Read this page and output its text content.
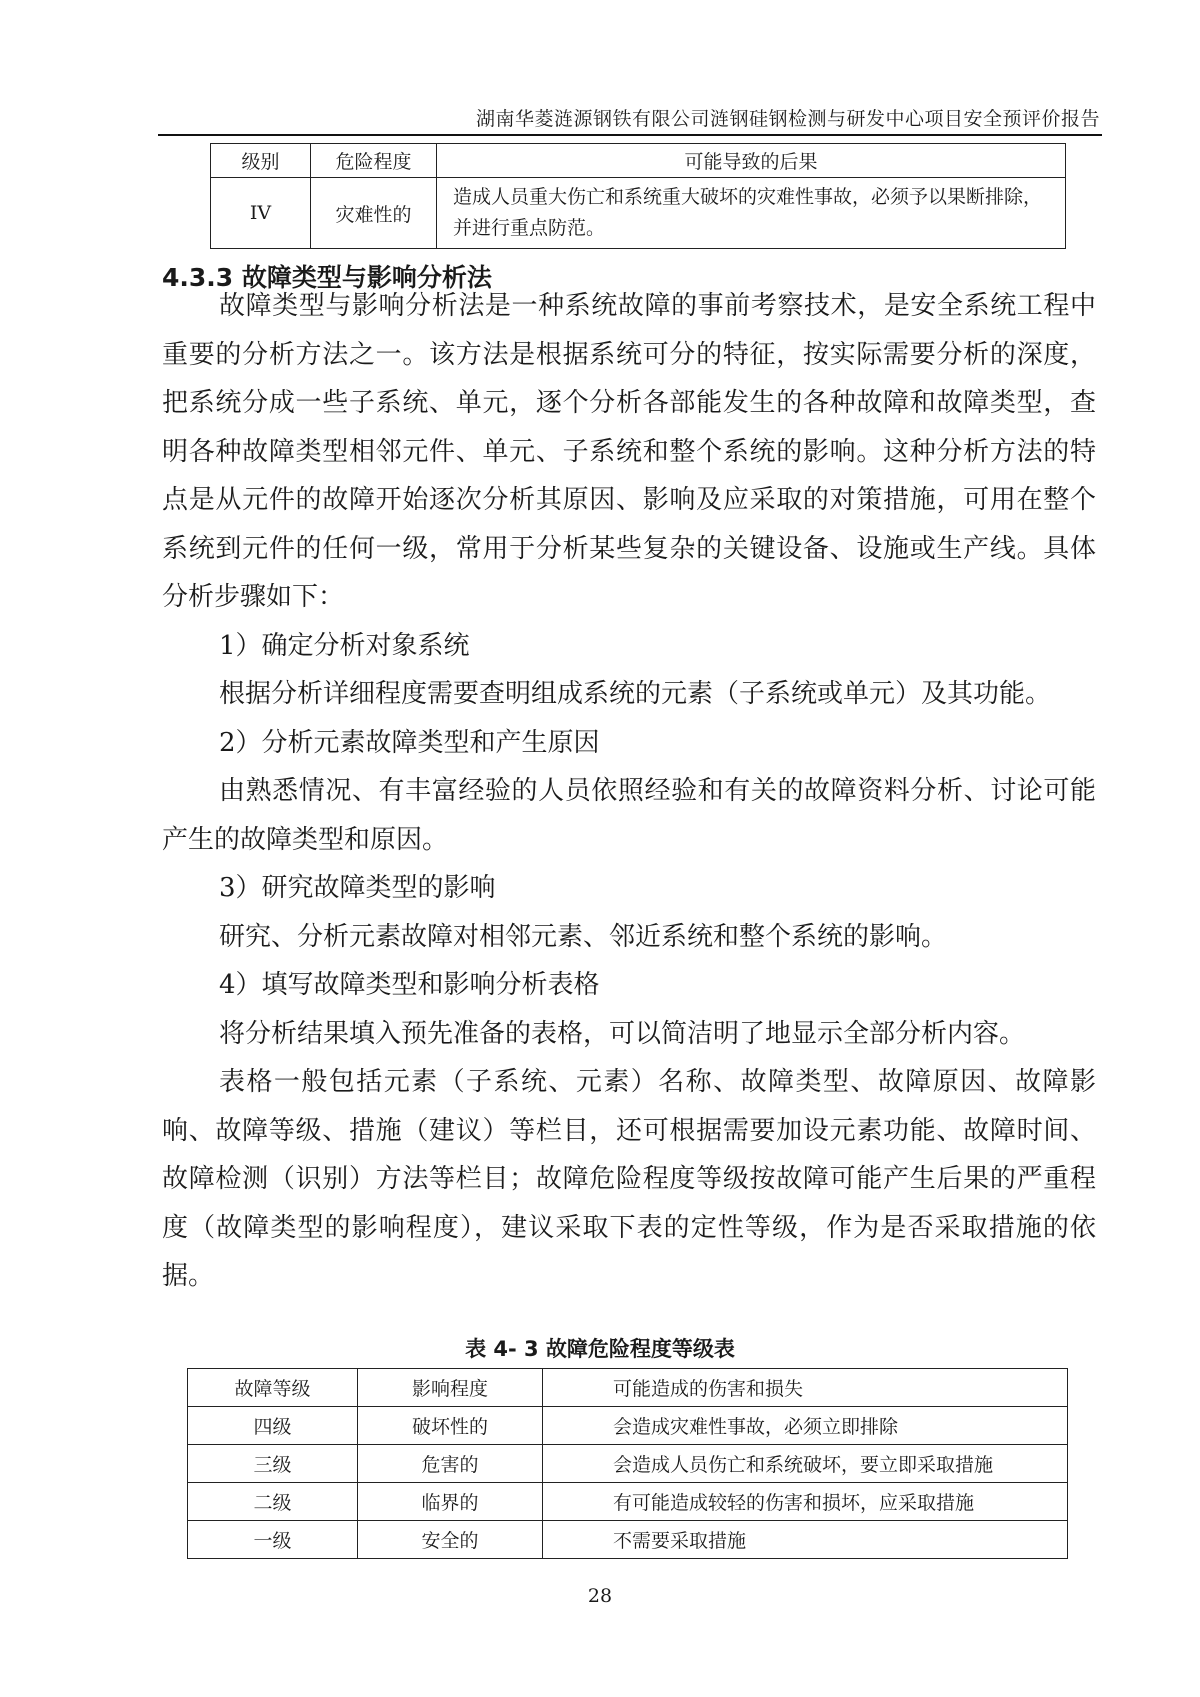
湖南华菱涟源钢铁有限公司涟钢硅钢检测与研发中心项目安全预评价报告
级别	危险程度	可能导致的后果
IV	灾难性的	造成人员重大伤亡和系统重大破坏的灾难性事故，必须予以果断排除，并进行重点防范。
4.3.3 故障类型与影响分析法

故障类型与影响分析法是一种系统故障的事前考察技术，是安全系统工程中重要的分析方法之一。该方法是根据系统可分的特征，按实际需要分析的深度，把系统分成一些子系统、单元，逐个分析各部能发生的各种故障和故障类型，查明各种故障类型相邻元件、单元、子系统和整个系统的影响。这种分析方法的特点是从元件的故障开始逐次分析其原因、影响及应采取的对策措施，可用在整个系统到元件的任何一级，常用于分析某些复杂的关键设备、设施或生产线。具体分析步骤如下：

1）确定分析对象系统

根据分析详细程度需要查明组成系统的元素（子系统或单元）及其功能。

2）分析元素故障类型和产生原因

由熟悉情况、有丰富经验的人员依照经验和有关的故障资料分析、讨论可能产生的故障类型和原因。

3）研究故障类型的影响

研究、分析元素故障对相邻元素、邻近系统和整个系统的影响。

4）填写故障类型和影响分析表格

将分析结果填入预先准备的表格，可以简洁明了地显示全部分析内容。

表格一般包括元素（子系统、元素）名称、故障类型、故障原因、故障影响、故障等级、措施（建议）等栏目，还可根据需要加设元素功能、故障时间、故障检测（识别）方法等栏目；故障危险程度等级按故障可能产生后果的严重程度（故障类型的影响程度），建议采取下表的定性等级，作为是否采取措施的依据。

表 4- 3 故障危险程度等级表
故障等级	影响程度	可能造成的伤害和损失
四级	破坏性的	会造成灾难性事故，必须立即排除
三级	危害的	会造成人员伤亡和系统破坏，要立即采取措施
二级	临界的	有可能造成较轻的伤害和损坏，应采取措施
一级	安全的	不需要采取措施
28
